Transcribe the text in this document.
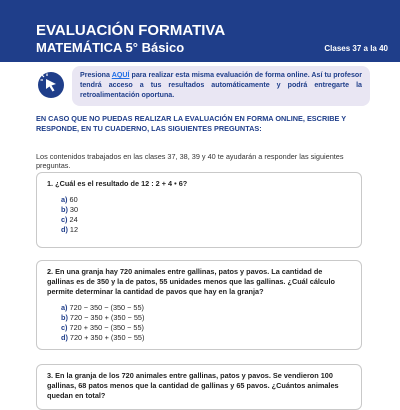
EVALUACIÓN FORMATIVA
MATEMÁTICA 5° Básico	Clases 37 a la 40
Presiona AQUÍ para realizar esta misma evaluación de forma online. Así tu profesor tendrá acceso a tus resultados automáticamente y podrá entregarte la retroalimentación oportuna.
EN CASO QUE NO PUEDAS REALIZAR LA EVALUACIÓN EN FORMA ONLINE, ESCRIBE Y RESPONDE, EN TU CUADERNO, LAS SIGUIENTES PREGUNTAS:
Los contenidos trabajados en las clases 37, 38, 39 y 40 te ayudarán a responder las siguientes preguntas.
1. ¿Cuál es el resultado de 12 : 2 + 4 • 6?
a) 60
b) 30
c) 24
d) 12
2. En una granja hay 720 animales entre gallinas, patos y pavos. La cantidad de gallinas es de 350 y la de patos, 55 unidades menos que las gallinas. ¿Cuál cálculo permite determinar la cantidad de pavos que hay en la granja?
a) 720 − 350 − (350 − 55)
b) 720 − 350 + (350 − 55)
c) 720 + 350 − (350 − 55)
d) 720 + 350 + (350 − 55)
3. En la granja de los 720 animales entre gallinas, patos y pavos. Se vendieron 100 gallinas, 68 patos menos que la cantidad de gallinas y 65 pavos. ¿Cuántos animales quedan en total?
